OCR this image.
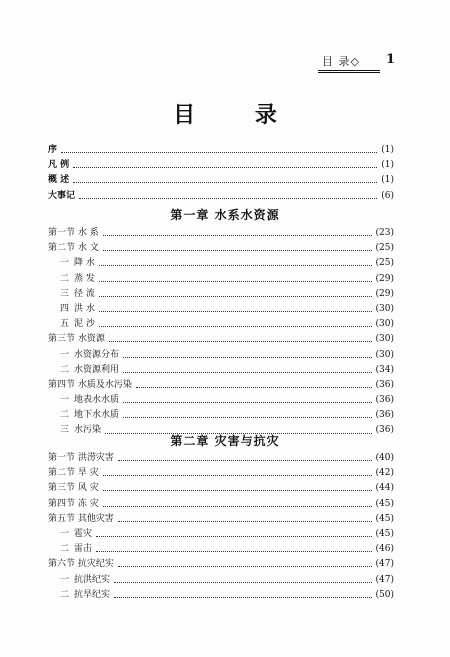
目 录◇ 1
目 录
序	(1)
凡 例	(1)
概 述	(1)
大事记	(6)
第一章 水系水资源
第一节 水 系	(23)
第二节 水 文	(25)
一 降 水	(25)
二 蒸 发	(29)
三 径 流	(29)
四 洪 水	(30)
五 泥 沙	(30)
第三节 水资源	(30)
一 水资源分布	(30)
二 水资源利用	(34)
第四节 水质及水污染	(36)
一 地表水水质	(36)
二 地下水水质	(36)
三 水污染	(36)
第二章 灾害与抗灾
第一节 洪涝灾害	(40)
第二节 旱 灾	(42)
第三节 风 灾	(44)
第四节 冻 灾	(45)
第五节 其他灾害	(45)
一 雹灾	(45)
二 雷击	(46)
第六节 抗灾纪实	(47)
一 抗洪纪实	(47)
二 抗旱纪实	(50)
